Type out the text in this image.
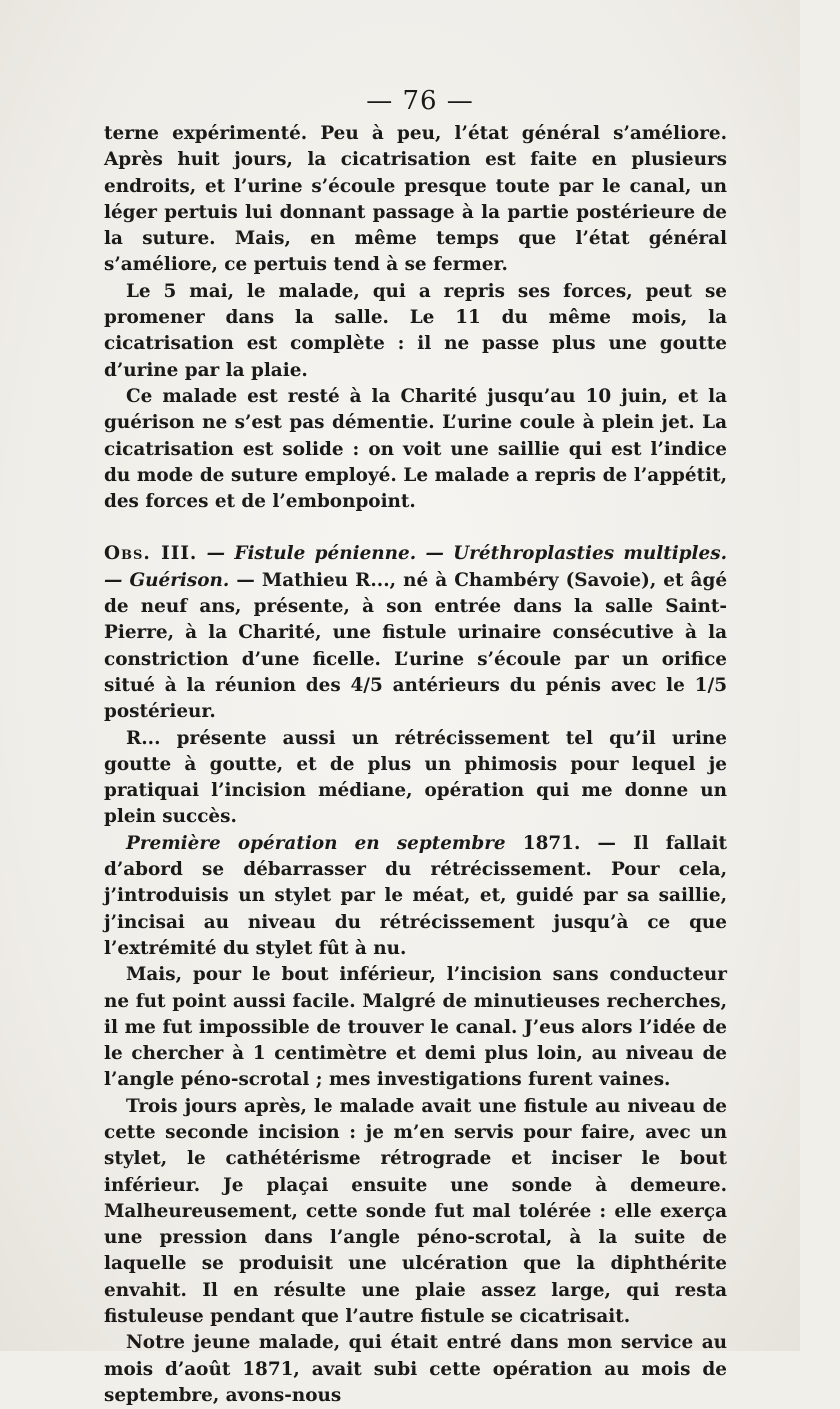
— 76 —

terne expérimenté. Peu à peu, l’état général s’améliore. Après huit jours, la cicatrisation est faite en plusieurs endroits, et l’urine s’écoule presque toute par le canal, un léger pertuis lui donnant passage à la partie postérieure de la suture. Mais, en même temps que l’état général s’améliore, ce pertuis tend à se fermer.

Le 5 mai, le malade, qui a repris ses forces, peut se promener dans la salle. Le 11 du même mois, la cicatrisation est complète : il ne passe plus une goutte d’urine par la plaie.

Ce malade est resté à la Charité jusqu’au 10 juin, et la guérison ne s’est pas démentie. L’urine coule à plein jet. La cicatrisation est solide : on voit une saillie qui est l’indice du mode de suture employé. Le malade a repris de l’appétit, des forces et de l’embonpoint.

Obs. III. — Fistule pénienne. — Uréthroplasties multiples. — Guérison. — Mathieu R..., né à Chambéry (Savoie), et âgé de neuf ans, présente, à son entrée dans la salle Saint-Pierre, à la Charité, une fistule urinaire consécutive à la constriction d’une ficelle. L’urine s’écoule par un orifice situé à la réunion des 4/5 antérieurs du pénis avec le 1/5 postérieur.

R... présente aussi un rétrécissement tel qu’il urine goutte à goutte, et de plus un phimosis pour lequel je pratiquai l’incision médiane, opération qui me donne un plein succès.

Première opération en septembre 1871. — Il fallait d’abord se débarrasser du rétrécissement. Pour cela, j’introduisis un stylet par le méat, et, guidé par sa saillie, j’incisai au niveau du rétrécissement jusqu’à ce que l’extrémité du stylet fût à nu.

Mais, pour le bout inférieur, l’incision sans conducteur ne fut point aussi facile. Malgré de minutieuses recherches, il me fut impossible de trouver le canal. J’eus alors l’idée de le chercher à 1 centimètre et demi plus loin, au niveau de l’angle péno-scrotal ; mes investigations furent vaines.

Trois jours après, le malade avait une fistule au niveau de cette seconde incision : je m’en servis pour faire, avec un stylet, le cathétérisme rétrograde et inciser le bout inférieur. Je plaçai ensuite une sonde à demeure. Malheureusement, cette sonde fut mal tolérée : elle exerça une pression dans l’angle péno-scrotal, à la suite de laquelle se produisit une ulcération que la diphthérite envahit. Il en résulte une plaie assez large, qui resta fistuleuse pendant que l’autre fistule se cicatrisait.

Notre jeune malade, qui était entré dans mon service au mois d’août 1871, avait subi cette opération au mois de septembre, avons-nous
